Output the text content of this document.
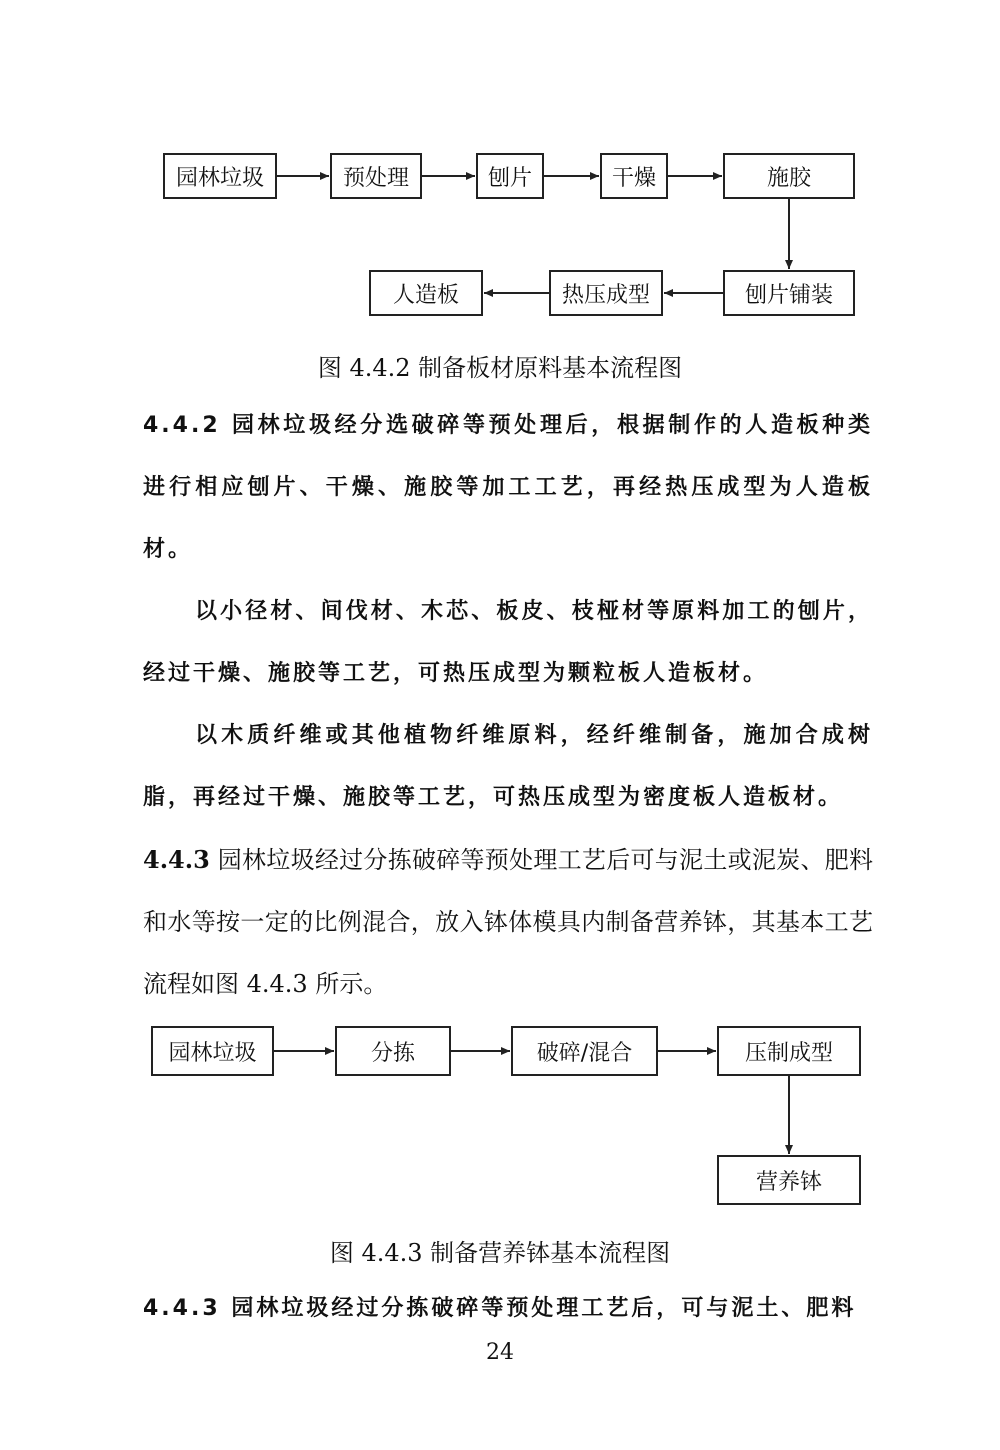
园林垃圾	预处理	刨片	干燥	施胶
刨片铺装
热压成型
人造板
图 4.4.2 制备板材原料基本流程图

4.4.2 园林垃圾经分选破碎等预处理后，根据制作的人造板种类进行相应刨片、干燥、施胶等加工工艺，再经热压成型为人造板材。

以小径材、间伐材、木芯、板皮、枝桠材等原料加工的刨片，经过干燥、施胶等工艺，可热压成型为颗粒板人造板材。

以木质纤维或其他植物纤维原料，经纤维制备，施加合成树脂，再经过干燥、施胶等工艺，可热压成型为密度板人造板材。

4.4.3 园林垃圾经过分拣破碎等预处理工艺后可与泥土或泥炭、肥料和水等按一定的比例混合，放入钵体模具内制备营养钵，其基本工艺流程如图 4.4.3 所示。

园林垃圾	分拣	破碎/混合	压制成型
营养钵
图 4.4.3 制备营养钵基本流程图

4.4.3 园林垃圾经过分拣破碎等预处理工艺后，可与泥土、肥料

24
